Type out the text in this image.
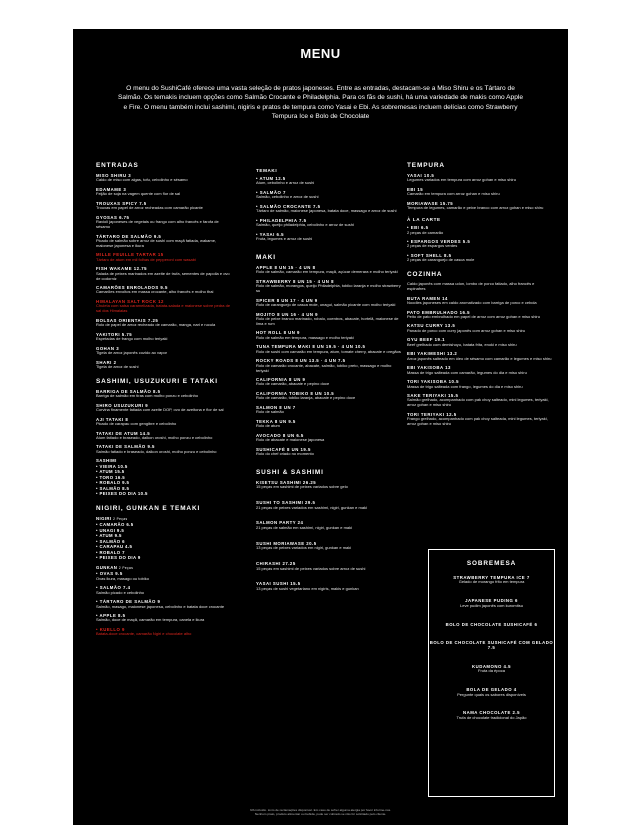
MENU
O menu do SushiCafé oferece uma vasta seleção de pratos japoneses. Entre as entradas, destacam-se a Miso Shiru e os Tártaro de Salmão. Os temakis incluem opções como Salmão Crocante e Philadelphia. Para os fãs de sushi, há uma variedade de makis como Apple e Fire. O menu também inclui sashimi, nigiris e pratos de tempura como Yasai e Ebi. As sobremesas incluem delícias como Strawberry Tempura Ice e Bolo de Chocolate
ENTRADAS
MISO SHIRU 3
Caldo de miso com algas, tofu, cebolinho e sésamo
EDAMAME 3
Feijão de soja na vagem quente com flor de sal
TROUXAS SPICY 7.5
Trouxas em papel de arroz recheadas com camarão picante
GYOSAS 6.75
Ravioli japoneses de vegetais ou frango com alho francês e farofa de sésamo
TÁRTARO DE SALMÃO 9.5
Picado de salmão sobre arroz de sushi com maçã fatiada, wakame, maionese japonesa e ikura
MILLE FEUILLE TARTAR 15
Tártaro de atum em mil folhas de pepperoni com wasabi
FISH WAKAME 12.75
Salada de peixes marinados em azeite de trufa, sementes de papoila e ovo de codorniz
CAMARÕES ENROLADOS 9.5
Camarões envoltos em massa crocante, alho francês e molho thai
HIMALAYAN SALT ROCK 12
Chuleta com salsa caramelizada, batata-salada e maionese sobre pedra de sal dos Himalaias
BOLSAS ORIENTAIS 7.25
Rolo de papel de arroz recheado de camarão, manga, nari e rucula
YAKITORI 5.75
Espetadas de frango com molho teriyaki
GOHAN 3
Tigela de arroz japonês cozido ao vapor
SHARI 2
Tigela de arroz de sushi
SASHIMI, USUZUKURI E TATAKI
BARRIGA DE SALMÃO 8.5
Barriga de salmão em tiras com molho ponzu e cebolinho
SHIRO USUZUKURI 9
Corvina finamente fatiada com azeite DOP, ovo de azeitona e flor de sal
AJI TATAKI 8
Picado de carapau com gengibre e cebolinho
TATAKI DE ATUM 14.5
Atum fatiado e braseado, daikon oroshi, molho ponzu e cebolinho
TATAKI DE SALMÃO 9.5
Salmão fatiado e braseado, daikon oroshi, molho ponzu e cebolinho
SASHIMI
• VIEIRA 10.5
• ATUM 15.5
• TORO 16.5
• ROBALO 9.5
• SALMÃO 8.5
• PEIXES DO DIA 10.5
NIGIRI, GUNKAN E TEMAKI
NIGIRI 2 Peças
• CAMARÃO 6.5
• UNAGI 9.5
• ATUM 9.5
• SALMÃO 6
• CARAPAU 4.5
• ROBALO 7
• PEIXES DO DIA 9
GUNKAN 2 Peças
• OVAS 9.5
Ovas ikura, masago ou tobiko
• SALMÃO 7.4
Salmão picado e cebolinho
• TÁRTARO DE SALMÃO 9
Salmão, masago, maionese japonesa, cebolinho e batata doce crocante
• APPLE 8.5
Salmão, doce de maçã, camarão em tempura, canela e ikura
• KUELLO 9
Batata-doce crocante, camarão Ngiri e chocolate alho
TEMAKI
• ATUM 12.5
Atum, cebolinho e arroz de sushi
• SALMÃO 7
Salmão, cebolinho e arroz de sushi
• SALMÃO CROCANTE 7.5
Tártaro de salmão, maionese japonesa, batata doce, massago e arroz de sushi
• PHILADELPHIA 7.5
Salmão, queijo philadelphia, cebolinho e arroz de sushi
• YASAI 6.5
Fruta, legumes e arroz de sushi
MAKI
APPLE 8 UN 15 · 4 UN 8
Rolo de salmão, camarão em tempura, maçã, açúcar demerara e molho teriyaki
STRAWBERRY 8 UN 15 · 4 UN 8
Rolo de salmão, morangos, queijo Philadelphia, tobiko laranja e molho strawberry su
SPICER 8 UN 17 · 4 UN 9
Rolo de caranguejo de casca mole, unagui, salmão picante com molho teriyaki
MOJITO 8 UN 16 · 4 UN 9
Rolo de peixe branco marinado, robalo, coentros, abacate, hortelã, maionese de lima e rum
HOT ROLL 8 UN 9
Rolo de salmão em tempura, massago e molho teriyaki
TUNA TEMPURA MAKI 8 UN 19.5 · 4 UN 10.5
Rolo de sushi com camarão em tempura, atum, tomate cherry, abacate e oregãos
ROCKY ROADS 8 UN 13.5 · 4 UN 7.5
Rolo de camarão crocante, abacate, salmão, tobiko preto, massago e molho teriyaki
CALIFORNIA 8 UN 9
Rolo de camarão, abacate e pepino doce
CALIFORNIA TOBIKO 8 UN 10.5
Rolo de camarão, tobiko laranja, abacate e pepino doce
SALMON 8 UN 7
Rolo de salmão
TEKKA 8 UN 9.5
Rolo de atum
AVOCADO 8 UN 6.5
Rolo de abacate e maionese japonesa
SUSHICAFÉ 8 UN 19.5
Rolo do chef criado no momento
SUSHI & SASHIMI
KISETSU SASHIMI 26.25
15 peças em sashimi de peixes variados sobre gelo
SUSHI TO SASHIMI 29.5
21 peças de peixes variados em sashimi, nigiri, gunkan e maki
SALMON PARTY 24
21 peças de salmão em sashimi, nigiri, gunkan e maki
SUSHI MORIAWASE 20.5
13 peças de peixes variados em nigiri, gunkan e maki
CHIRASHI 27.25
15 peças em sashimi de peixes variados sobre arroz de sushi
YASAI SUSHI 15.5
13 peças de sushi vegetariano em nigiris, makis e gunkan
TEMPURA
YASAI 10.5
Legumes variados em tempura com arroz gohan e miso shiru
EBI 15
Camarão em tempura com arroz gohan e miso shiru
MORIAWASE 15.75
Tempura de legumes, camarão e peixe branco com arroz gohan e miso shiru
À LA CARTE
• EBI 6.5
2 peças de camarão
• ESPARGOS VERDES 5.5
2 peças de espargos verdes
• SOFT SHELL 8.5
2 peças de caranguejo de casca mole
COZINHA
Caldo japonês com massa udon, lombo de porco fatiado, alho francês e espinafres
BUTA RAMEN 14
Noodles japoneses em caldo aromatizado com barriga de porco e cebola
PATO EMBRULHADO 16.5
Peito de pato embrulhado em papel de arroz com arroz gohan e miso shiru
KATSU CURRY 13.5
Panado de porco com curry japonês com arroz gohan e miso shiru
GYU BEEF 19.1
Beef grelhado com demishoyu, batata frita, enoki e miso shiru
EBI YAKIMESHI 13.2
Arroz japonês salteado em óleo de sésamo com camarão e legumes e miso shiru
EBI YAKISOBA 13
Massa de trigo salteada com camarão, legumes do dia e miso shiru
TORI YAKISOBA 10.5
Massa de trigo salteada com frango, legumes do dia e miso shiru
SAKE TERIYAKI 15.5
Salmão grelhado, acompanhado com pak choy salteado, mini legumes, teriyaki, arroz gohan e miso shiru
TORI TERIYAKI 12.5
Frango grelhado, acompanhado com pak choy salteada, mini legumes, teriyaki, arroz gohan e miso shiru
SOBREMESA
STRAWBERRY TEMPURA ICE 7
Gelado de morango frito em tempura
JAPANESE PUDING 6
Leve pudim japonês com kuromitsu
BOLO DE CHOCOLATE SUSHICAFÉ 6
BOLO DE CHOCOLATE SUSHICAFÉ COM GELADO 7.5
KUDAMONO 4.5
Fruta da época
BOLA DE GELADO 4
Pergunte quais os sabores disponíveis
NAMA CHOCOLATE 2.5
Trufa de chocolate tradicional do Japão
IVA incluído. Livro de reclamações disponível. Em caso de sofrer alguma alergia por favor informe-nos.
Nenhum prato, produto alimentar ou bebida, pode ser cobrado se não for solicitado pelo cliente.
